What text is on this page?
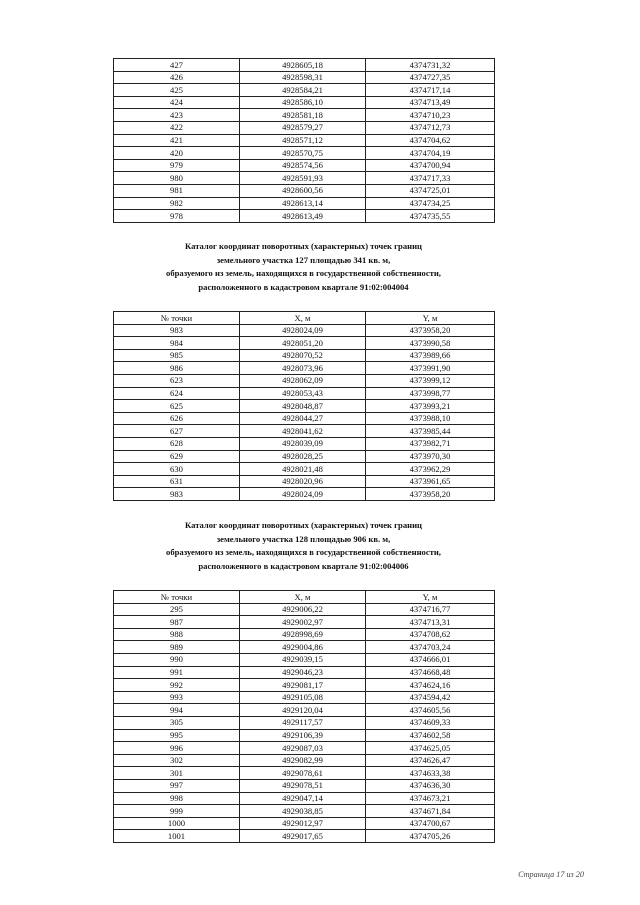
427	4928605,18	4374731,32
426	4928598,31	4374727,35
425	4928584,21	4374717,14
424	4928586,10	4374713,49
423	4928581,18	4374710,23
422	4928579,27	4374712,73
421	4928571,12	4374704,62
420	4928570,75	4374704,19
979	4928574,56	4374700,94
980	4928591,93	4374717,33
981	4928600,56	4374725,01
982	4928613,14	4374734,25
978	4928613,49	4374735,55
Каталог координат поворотных (характерных) точек границ
земельного участка 127 площадью 341 кв. м,
образуемого из земель, находящихся в государственной собственности,
расположенного в кадастровом квартале 91:02:004004
№ точки	X, м	Y, м
983	4928024,09	4373958,20
984	4928051,20	4373990,58
985	4928070,52	4373989,66
986	4928073,96	4373991,90
623	4928062,09	4373999,12
624	4928053,43	4373998,77
625	4928048,87	4373993,21
626	4928044,27	4373988,10
627	4928041,62	4373985,44
628	4928039,09	4373982,71
629	4928028,25	4373970,30
630	4928021,48	4373962,29
631	4928020,96	4373961,65
983	4928024,09	4373958,20
Каталог координат поворотных (характерных) точек границ
земельного участка 128 площадью 906 кв. м,
образуемого из земель, находящихся в государственной собственности,
расположенного в кадастровом квартале 91:02:004006
№ точки	X, м	Y, м
295	4929006,22	4374716,77
987	4929002,97	4374713,31
988	4928998,69	4374708,62
989	4929004,86	4374703,24
990	4929039,15	4374666,01
991	4929046,23	4374668,48
992	4929081,17	4374624,16
993	4929105,08	4374594,42
994	4929120,04	4374605,56
305	4929117,57	4374609,33
995	4929106,39	4374602,58
996	4929087,03	4374625,05
302	4929082,99	4374626,47
301	4929078,61	4374633,38
997	4929078,51	4374636,30
998	4929047,14	4374673,21
999	4929038,85	4374671,84
1000	4929012,97	4374700,67
1001	4929017,65	4374705,26
Страница 17 из 20
